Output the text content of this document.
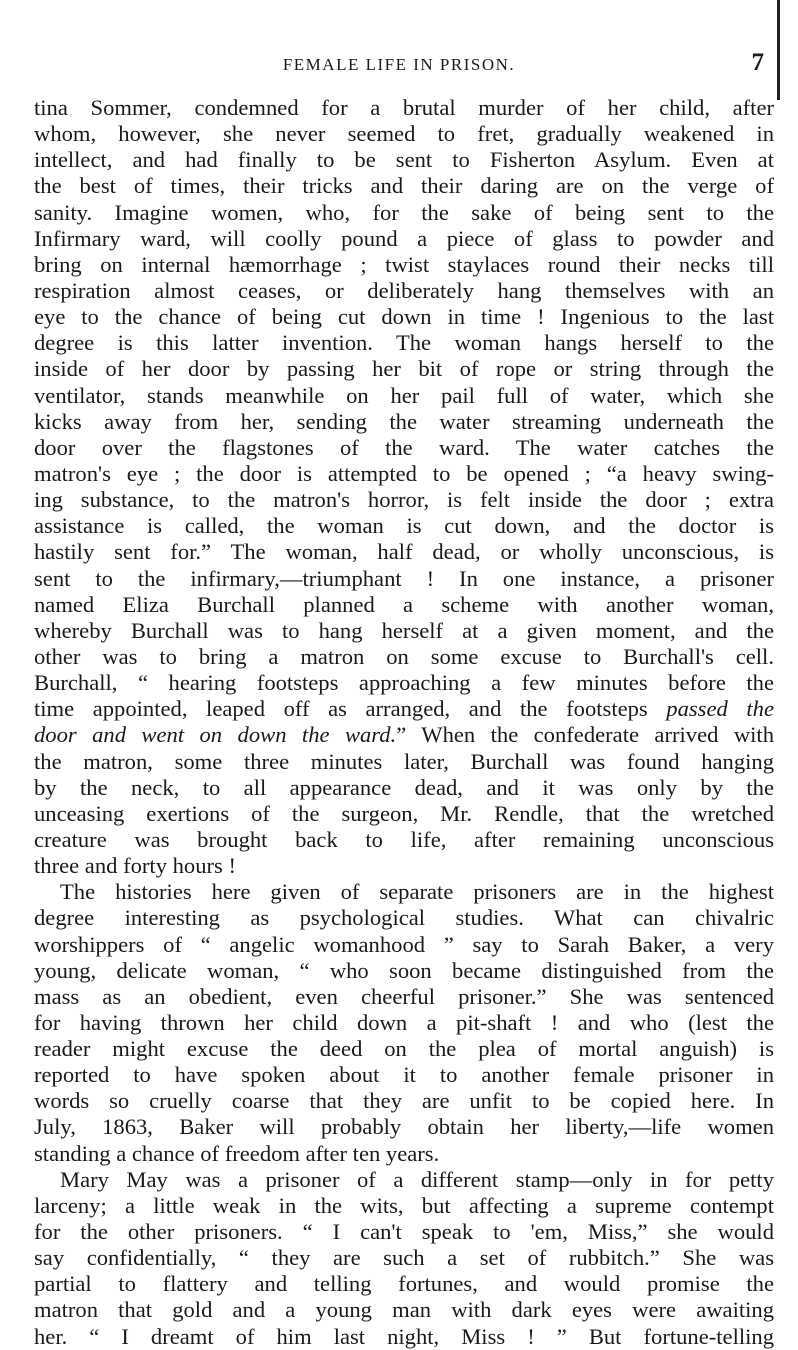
FEMALE LIFE IN PRISON.	7
tina Sommer, condemned for a brutal murder of her child, after
whom, however, she never seemed to fret, gradually weakened in
intellect, and had finally to be sent to Fisherton Asylum. Even at
the best of times, their tricks and their daring are on the verge of
sanity. Imagine women, who, for the sake of being sent to the
Infirmary ward, will coolly pound a piece of glass to powder and
bring on internal hæmorrhage ; twist staylaces round their necks till
respiration almost ceases, or deliberately hang themselves with an
eye to the chance of being cut down in time ! Ingenious to the last
degree is this latter invention. The woman hangs herself to the
inside of her door by passing her bit of rope or string through the
ventilator, stands meanwhile on her pail full of water, which she
kicks away from her, sending the water streaming underneath the
door over the flagstones of the ward. The water catches the
matron's eye ; the door is attempted to be opened ; “a heavy swing-
ing substance, to the matron's horror, is felt inside the door ; extra
assistance is called, the woman is cut down, and the doctor is
hastily sent for.” The woman, half dead, or wholly unconscious, is
sent to the infirmary,—triumphant ! In one instance, a prisoner
named Eliza Burchall planned a scheme with another woman,
whereby Burchall was to hang herself at a given moment, and the
other was to bring a matron on some excuse to Burchall's cell.
Burchall, “ hearing footsteps approaching a few minutes before the
time appointed, leaped off as arranged, and the footsteps passed the
door and went on down the ward.” When the confederate arrived with
the matron, some three minutes later, Burchall was found hanging
by the neck, to all appearance dead, and it was only by the
unceasing exertions of the surgeon, Mr. Rendle, that the wretched
creature was brought back to life, after remaining unconscious
three and forty hours !
The histories here given of separate prisoners are in the highest
degree interesting as psychological studies. What can chivalric
worshippers of “ angelic womanhood ” say to Sarah Baker, a very
young, delicate woman, “ who soon became distinguished from the
mass as an obedient, even cheerful prisoner.” She was sentenced
for having thrown her child down a pit-shaft ! and who (lest the
reader might excuse the deed on the plea of mortal anguish) is
reported to have spoken about it to another female prisoner in
words so cruelly coarse that they are unfit to be copied here. In
July, 1863, Baker will probably obtain her liberty,—life women
standing a chance of freedom after ten years.
Mary May was a prisoner of a different stamp—only in for petty
larceny; a little weak in the wits, but affecting a supreme contempt
for the other prisoners. “ I can't speak to 'em, Miss,” she would
say confidentially, “ they are such a set of rubbitch.” She was
partial to flattery and telling fortunes, and would promise the
matron that gold and a young man with dark eyes were awaiting
her. “ I dreamt of him last night, Miss ! ” But fortune-telling
